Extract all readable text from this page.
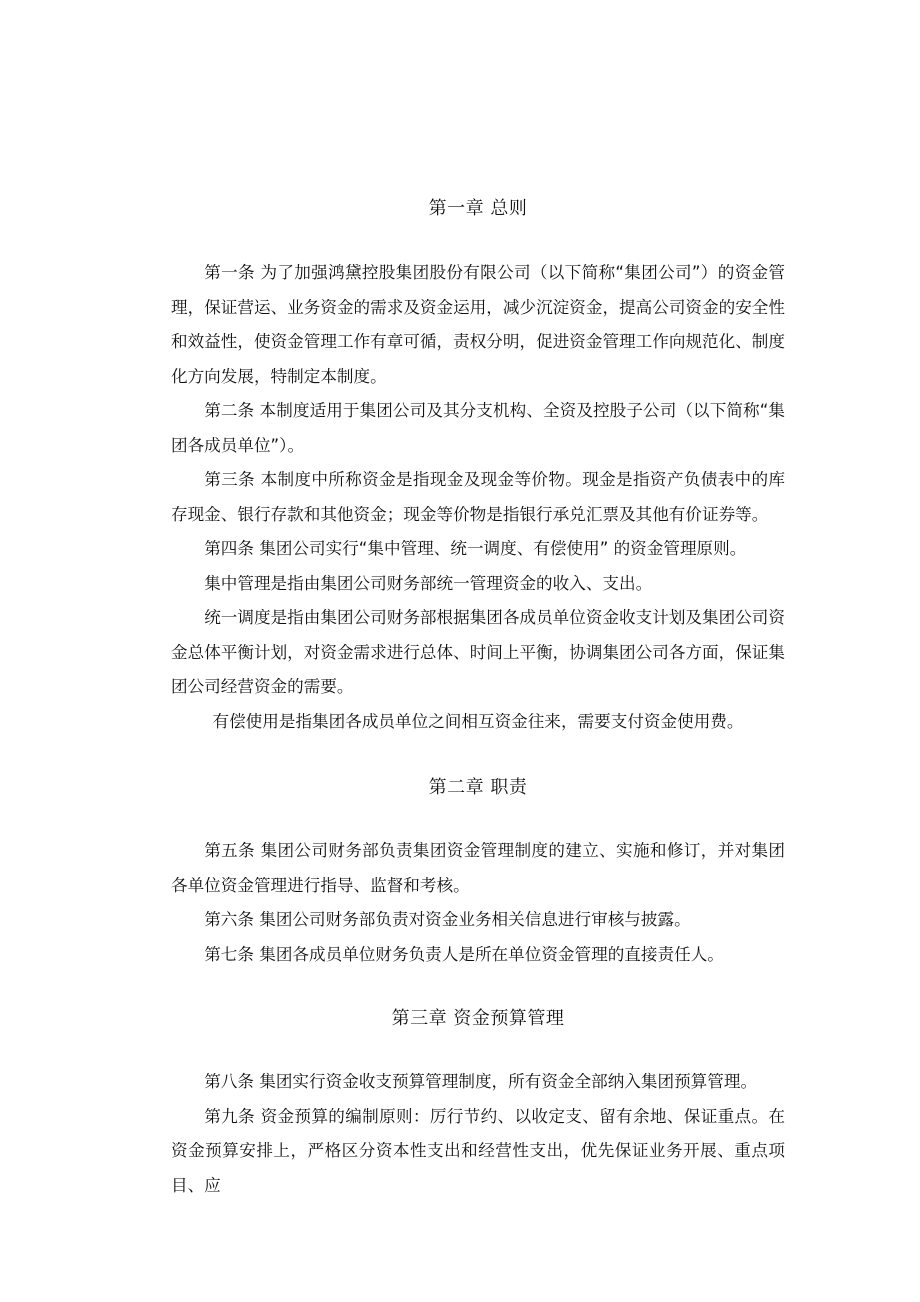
第一章 总则

第一条 为了加强鸿黛控股集团股份有限公司（以下简称“集团公司”）的资金管理，保证营运、业务资金的需求及资金运用，减少沉淀资金，提高公司资金的安全性和效益性，使资金管理工作有章可循，责权分明，促进资金管理工作向规范化、制度化方向发展，特制定本制度。

第二条 本制度适用于集团公司及其分支机构、全资及控股子公司（以下简称“集团各成员单位”）。

第三条 本制度中所称资金是指现金及现金等价物。现金是指资产负债表中的库存现金、银行存款和其他资金；现金等价物是指银行承兑汇票及其他有价证券等。

第四条 集团公司实行“集中管理、统一调度、有偿使用” 的资金管理原则。

集中管理是指由集团公司财务部统一管理资金的收入、支出。

统一调度是指由集团公司财务部根据集团各成员单位资金收支计划及集团公司资金总体平衡计划，对资金需求进行总体、时间上平衡，协调集团公司各方面，保证集团公司经营资金的需要。

有偿使用是指集团各成员单位之间相互资金往来，需要支付资金使用费。

第二章 职责

第五条 集团公司财务部负责集团资金管理制度的建立、实施和修订，并对集团各单位资金管理进行指导、监督和考核。

第六条 集团公司财务部负责对资金业务相关信息进行审核与披露。

第七条 集团各成员单位财务负责人是所在单位资金管理的直接责任人。

第三章 资金预算管理

第八条 集团实行资金收支预算管理制度，所有资金全部纳入集团预算管理。

第九条 资金预算的编制原则：厉行节约、以收定支、留有余地、保证重点。在资金预算安排上，严格区分资本性支出和经营性支出，优先保证业务开展、重点项目、应
